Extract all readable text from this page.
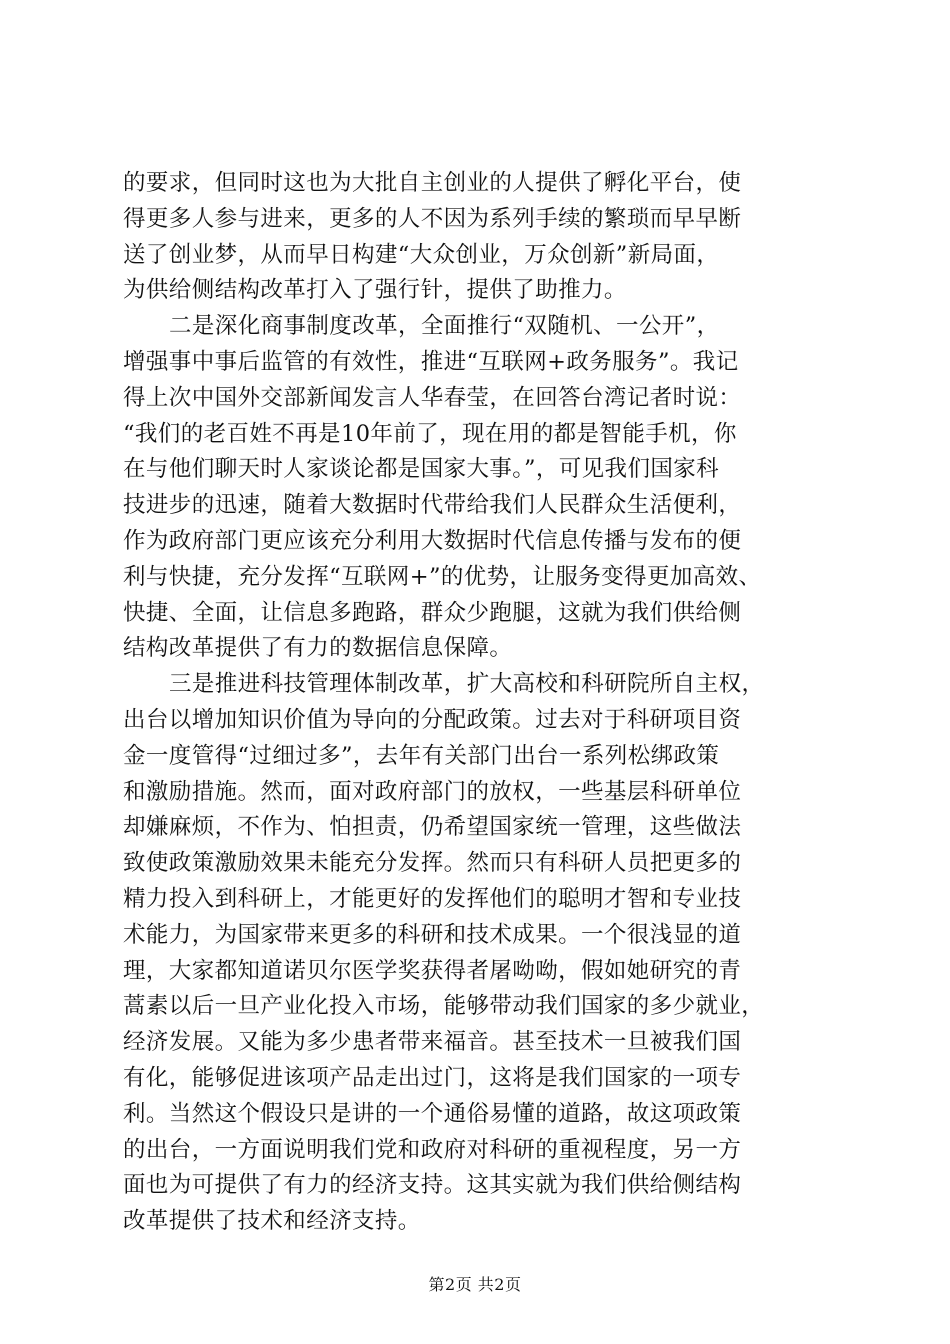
的要求，但同时这也为大批自主创业的人提供了孵化平台，使
得更多人参与进来，更多的人不因为系列手续的繁琐而早早断
送了创业梦，从而早日构建“大众创业，万众创新”新局面，
为供给侧结构改革打入了强行针，提供了助推力。
二是深化商事制度改革，全面推行“双随机、一公开”，
增强事中事后监管的有效性，推进“互联网+政务服务”。我记
得上次中国外交部新闻发言人华春莹，在回答台湾记者时说：
“我们的老百姓不再是10年前了，现在用的都是智能手机，你
在与他们聊天时人家谈论都是国家大事。”，可见我们国家科
技进步的迅速，随着大数据时代带给我们人民群众生活便利，
作为政府部门更应该充分利用大数据时代信息传播与发布的便
利与快捷，充分发挥“互联网+”的优势，让服务变得更加高效、
快捷、全面，让信息多跑路，群众少跑腿，这就为我们供给侧
结构改革提供了有力的数据信息保障。
三是推进科技管理体制改革，扩大高校和科研院所自主权，
出台以增加知识价值为导向的分配政策。过去对于科研项目资
金一度管得“过细过多”，去年有关部门出台一系列松绑政策
和激励措施。然而，面对政府部门的放权，一些基层科研单位
却嫌麻烦，不作为、怕担责，仍希望国家统一管理，这些做法
致使政策激励效果未能充分发挥。然而只有科研人员把更多的
精力投入到科研上，才能更好的发挥他们的聪明才智和专业技
术能力，为国家带来更多的科研和技术成果。一个很浅显的道
理，大家都知道诺贝尔医学奖获得者屠呦呦，假如她研究的青
蒿素以后一旦产业化投入市场，能够带动我们国家的多少就业，
经济发展。又能为多少患者带来福音。甚至技术一旦被我们国
有化，能够促进该项产品走出过门，这将是我们国家的一项专
利。当然这个假设只是讲的一个通俗易懂的道路，故这项政策
的出台，一方面说明我们党和政府对科研的重视程度，另一方
面也为可提供了有力的经济支持。这其实就为我们供给侧结构
改革提供了技术和经济支持。
第2页 共2页
